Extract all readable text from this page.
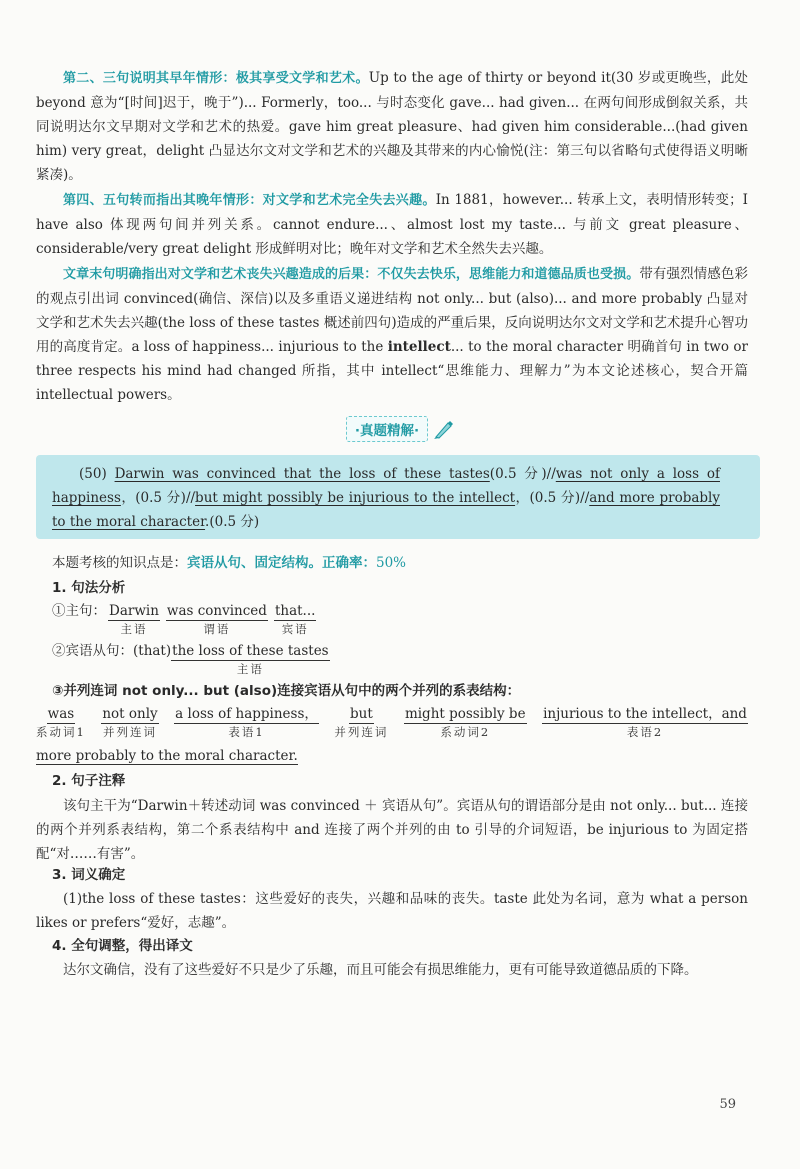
第二、三句说明其早年情形：极其享受文学和艺术。Up to the age of thirty or beyond it(30 岁或更晚些，此处 beyond 意为“[时间]迟于，晚于”)... Formerly，too... 与时态变化 gave... had given... 在两句间形成倒叙关系，共同说明达尔文早期对文学和艺术的热爱。gave him great pleasure、had given him considerable...(had given him) very great，delight 凸显达尔文对文学和艺术的兴趣及其带来的内心愉悦(注：第三句以省略句式使得语义明晰紧凑)。

第四、五句转而指出其晚年情形：对文学和艺术完全失去兴趣。In 1881，however... 转承上文，表明情形转变；I have also 体现两句间并列关系。cannot endure...、almost lost my taste... 与前文 great pleasure、considerable/very great delight 形成鲜明对比；晚年对文学和艺术全然失去兴趣。

文章末句明确指出对文学和艺术丧失兴趣造成的后果：不仅失去快乐，思维能力和道德品质也受损。带有强烈情感色彩的观点引出词 convinced(确信、深信)以及多重语义递进结构 not only... but (also)... and more probably 凸显对文学和艺术失去兴趣(the loss of these tastes 概述前四句)造成的严重后果，反向说明达尔文对文学和艺术提升心智功用的高度肯定。a loss of happiness... injurious to the intellect... to the moral character 明确首句 in two or three respects his mind had changed 所指，其中 intellect“思维能力、理解力”为本文论述核心，契合开篇 intellectual powers。

·真题精解·

(50) Darwin was convinced that the loss of these tastes(0.5 分)//was not only a loss of happiness，(0.5 分)//but might possibly be injurious to the intellect，(0.5 分)//and more probably to the moral character.(0.5 分)

本题考核的知识点是：宾语从句、固定结构。正确率：50%

1. 句法分析

①主句： Darwin
主语
was convinced
谓语
that...
宾语
②宾语从句： (that) the loss of these tastes
主语

③并列连词 not only... but (also)连接宾语从句中的两个并列的系表结构：

was
系动词1
not only
并列连词
a loss of happiness，
表语1
but
并列连词
might possibly be
系动词2
injurious to the intellect，and
表语2

more probably to the moral character.

2. 句子注释

该句主干为“Darwin＋转述动词 was convinced ＋ 宾语从句”。宾语从句的谓语部分是由 not only... but... 连接的两个并列系表结构，第二个系表结构中 and 连接了两个并列的由 to 引导的介词短语，be injurious to 为固定搭配“对……有害”。

3. 词义确定

(1)the loss of these tastes：这些爱好的丧失，兴趣和品味的丧失。taste 此处为名词，意为 what a person likes or prefers“爱好，志趣”。

4. 全句调整，得出译文

达尔文确信，没有了这些爱好不只是少了乐趣，而且可能会有损思维能力，更有可能导致道德品质的下降。

59
